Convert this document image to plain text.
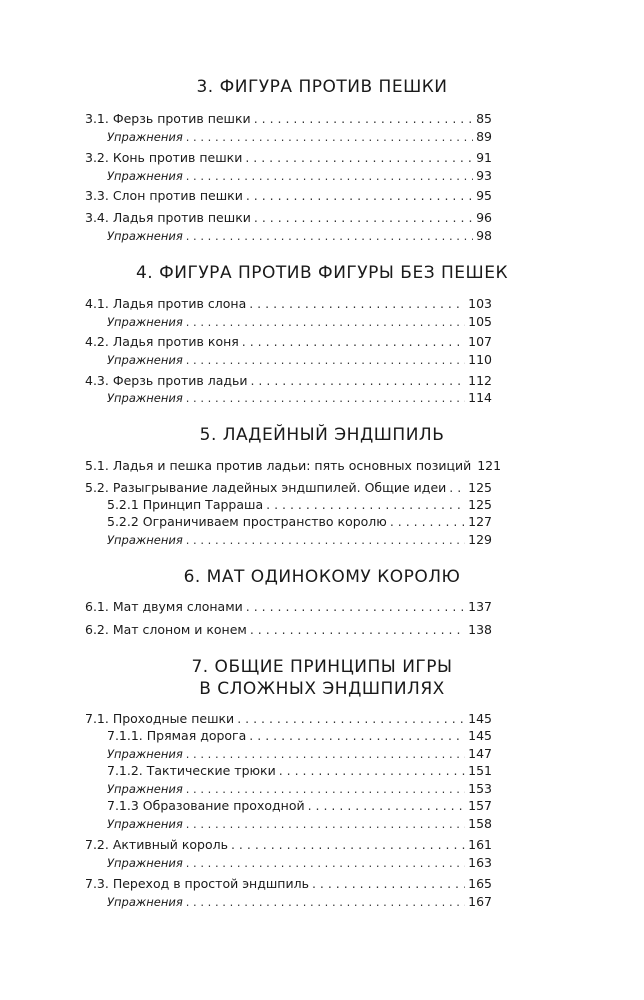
3. ФИГУРА ПРОТИВ ПЕШКИ
3.1. Ферзь против пешки . . .	85
Упражнения . . .	89
3.2. Конь против пешки . . .	91
Упражнения . . .	93
3.3. Слон против пешки . . .	95
3.4. Ладья против пешки . . .	96
Упражнения . . .	98
4. ФИГУРА ПРОТИВ ФИГУРЫ БЕЗ ПЕШЕК
4.1. Ладья против слона . . .	103
Упражнения . . .	105
4.2. Ладья против коня . . .	107
Упражнения . . .	110
4.3. Ферзь против ладьи . . .	112
Упражнения . . .	114
5. ЛАДЕЙНЫЙ ЭНДШПИЛЬ
5.1. Ладья и пешка против ладьи: пять основных позиций 121
5.2. Разыгрывание ладейных эндшпилей. Общие идеи . . . 125
5.2.1 Принцип Тарраша . . .	125
5.2.2 Ограничиваем пространство королю . . .	127
Упражнения . . .	129
6. МАТ ОДИНОКОМУ КОРОЛЮ
6.1. Мат двумя слонами . . .	137
6.2. Мат слоном и конем . . .	138
7. ОБЩИЕ ПРИНЦИПЫ ИГРЫ
В СЛОЖНЫХ ЭНДШПИЛЯХ
7.1. Проходные пешки . . .	145
7.1.1. Прямая дорога . . .	145
Упражнения . . .	147
7.1.2. Тактические трюки . . .	151
Упражнения . . .	153
7.1.3 Образование проходной . . .	157
Упражнения . . .	158
7.2. Активный король . . .	161
Упражнения . . .	163
7.3. Переход в простой эндшпиль . . .	165
Упражнения . . .	167
